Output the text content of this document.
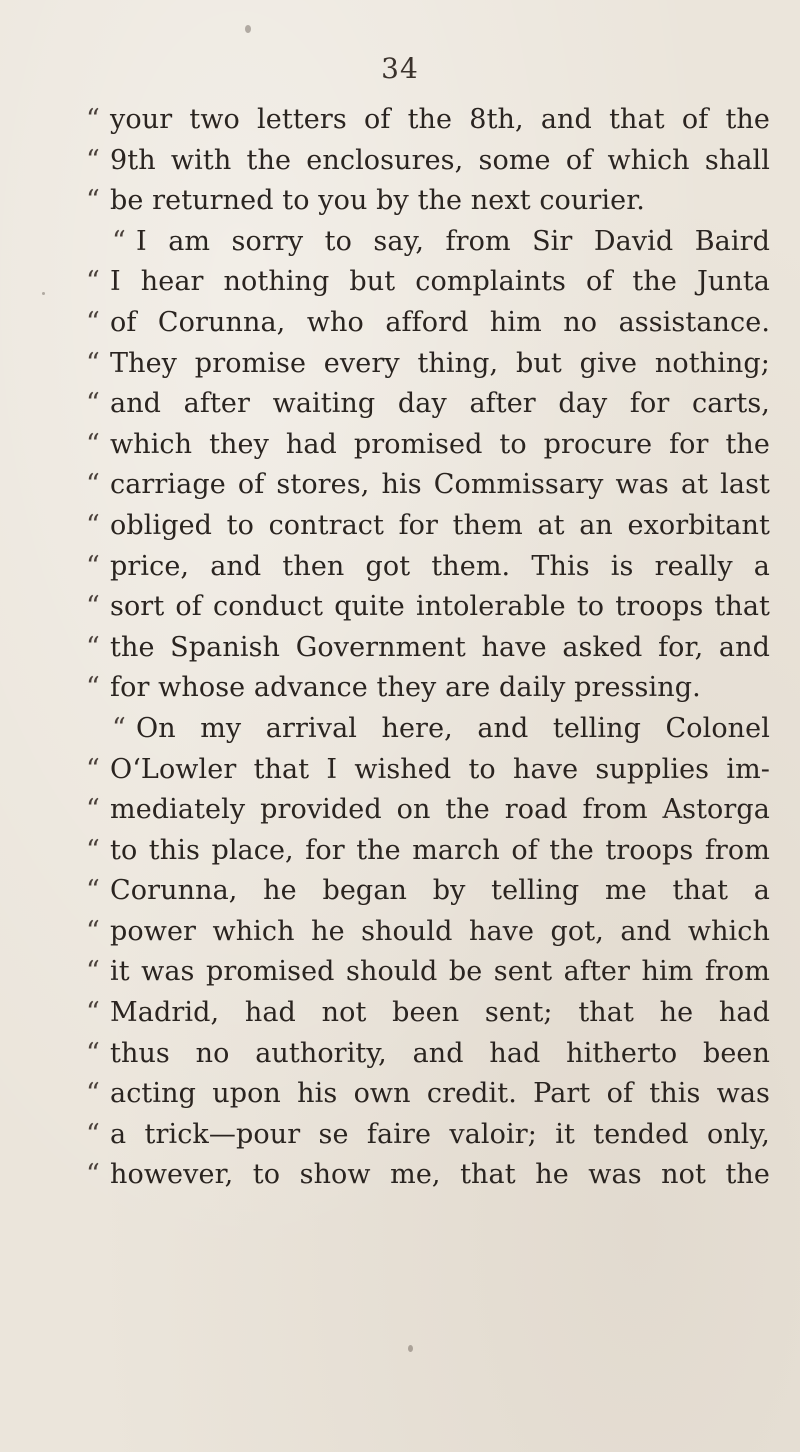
34
“ your two letters of the 8th, and that of the
“ 9th with the enclosures, some of which shall
“ be returned to you by the next courier.
“ I am sorry to say, from Sir David Baird
“ I hear nothing but complaints of the Junta
“ of Corunna, who afford him no assistance.
“ They promise every thing, but give nothing;
“ and after waiting day after day for carts,
“ which they had promised to procure for the
“ carriage of stores, his Commissary was at last
“ obliged to contract for them at an exorbitant
“ price, and then got them. This is really a
“ sort of conduct quite intolerable to troops that
“ the Spanish Government have asked for, and
“ for whose advance they are daily pressing.
“ On my arrival here, and telling Colonel
“ O‘Lowler that I wished to have supplies im-
“ mediately provided on the road from Astorga
“ to this place, for the march of the troops from
“ Corunna, he began by telling me that a
“ power which he should have got, and which
“ it was promised should be sent after him from
“ Madrid, had not been sent; that he had
“ thus no authority, and had hitherto been
“ acting upon his own credit. Part of this was
“ a trick—pour se faire valoir; it tended only,
“ however, to show me, that he was not the
